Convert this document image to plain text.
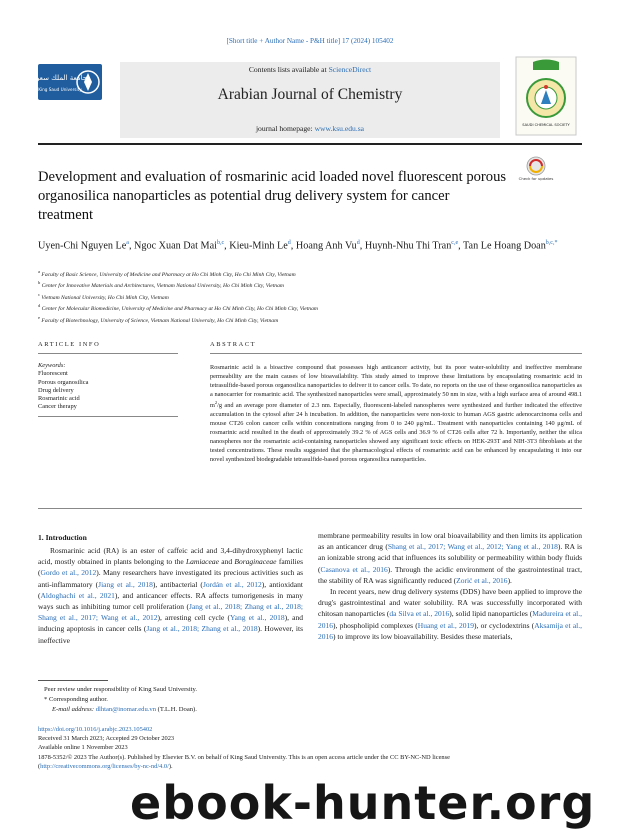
[Short title + Author Name - P&H title] 17 (2024) 105402
جامعة الملك سعود
King Saud University
Contents lists available at ScienceDirect
Arabian Journal of Chemistry
journal homepage: www.ksu.edu.sa	SAUDI CHEMICAL SOCIETY
Check for updates
Development and evaluation of rosmarinic acid loaded novel fluorescent porous organosilica nanoparticles as potential drug delivery system for cancer treatment
Uyen-Chi Nguyen Le$^a$, Ngoc Xuan Dat Mai$^{b,c}$, Kieu-Minh Le$^d$, Hoang Anh Vu$^d$, Huynh-Nhu Thi Tran$^{c,e}$, Tan Le Hoang Doan$^{b,c,*}$
$^a$ Faculty of Basic Science, University of Medicine and Pharmacy at Ho Chi Minh City, Ho Chi Minh City, Vietnam
$^b$ Center for Innovative Materials and Architectures, Vietnam National University, Ho Chi Minh City, Vietnam
$^c$ Vietnam National University, Ho Chi Minh City, Vietnam
$^d$ Center for Molecular Biomedicine, University of Medicine and Pharmacy at Ho Chi Minh City, Ho Chi Minh City, Vietnam
$^e$ Faculty of Biotechnology, University of Science, Vietnam National University, Ho Chi Minh City, Vietnam
ARTICLE INFO	ABSTRACT
Keywords:
Fluorescent
Porous organosilica
Drug delivery
Rosmarinic acid
Cancer therapy
Rosmarinic acid is a bioactive compound that possesses high anticancer activity, but its poor water-solubility and ineffective membrane permeability are the main causes of low bioavailability. This study aimed to improve these limitations by encapsulating rosmarinic acid in tetrasulfide-based porous organosilica nanoparticles to deliver it to cancer cells. To date, no reports on the use of these organosilica nanoparticles as a nanocarrier for rosmarinic acid. The synthesized nanoparticles were small, approximately 50 nm in size, with a high surface area of around 498.1 $m^2/g$ and an average pore diameter of 2.3 nm. Especially, fluorescent-labeled nanospheres were synthesized and further indicated the effective accumulation in the cytosol after 24 h incubation. In addition, the nanoparticles were non-toxic to human AGS gastric adenocarcinoma cells and mouse CT26 colon cancer cells within concentrations ranging from 0 to 240 μg/mL. Treatment with nanoparticles containing 140 μg/mL of rosmarinic acid resulted in the death of approximately 39.2 % of AGS cells and 36.9 % of CT26 cells after 72 h. Importantly, neither the silica nanospheres nor the rosmarinic acid-containing nanoparticles showed any significant toxic effects on HEK-293T and NIH-3T3 fibroblasts at the tested concentrations. These results suggested that the pharmacological effects of rosmarinic acid can be enhanced by encapsulating it into our novel synthesized biodegradable tetrasulfide-based porous organosilica nanoparticles.
1. Introduction

Rosmarinic acid (RA) is an ester of caffeic acid and 3,4-dihydroxyphenyl lactic acid, mostly obtained in plants belonging to the Lamiaceae and Boraginaceae families (Gordo et al., 2012). Many researchers have investigated its precious activities such as anti-inflammatory (Jiang et al., 2018), antibacterial (Jordán et al., 2012), antioxidant (Aldoghachi et al., 2021), and anticancer effects. RA affects tumorigenesis in many ways such as inhibiting tumor cell proliferation (Jang et al., 2018; Zhang et al., 2018; Shang et al., 2017; Wang et al., 2012), arresting cell cycle (Yang et al., 2018), and inducing apoptosis in cancer cells (Jang et al., 2018; Zhang et al., 2018). However, its ineffective

membrane permeability results in low oral bioavailability and then limits its application as an anticancer drug (Shang et al., 2017; Wang et al., 2012; Yang et al., 2018). RA is an ionizable strong acid that influences its solubility or permeability within body fluids (Casanova et al., 2016). Through the acidic environment of the gastrointestinal tract, the stability of RA was significantly reduced (Zorić et al., 2016).

In recent years, new drug delivery systems (DDS) have been applied to improve the drug's gastrointestinal and water solubility. RA was successfully incorporated with chitosan nanoparticles (da Silva et al., 2016), solid lipid nanoparticles (Madureira et al., 2016), phospholipid complexes (Huang et al., 2019), or cyclodextrins (Aksamija et al., 2016) to improve its low bioavailability. Besides these materials,

Peer review under responsibility of King Saud University.
* Corresponding author.
E-mail address: dlhtan@inomar.edu.vn (T.L.H. Doan).
https://doi.org/10.1016/j.arabjc.2023.105402
Received 31 March 2023; Accepted 29 October 2023
Available online 1 November 2023
1878-5352/© 2023 The Author(s). Published by Elsevier B.V. on behalf of King Saud University. This is an open access article under the CC BY-NC-ND license
(http://creativecommons.org/licenses/by-nc-nd/4.0/).
ebook-hunter.org
